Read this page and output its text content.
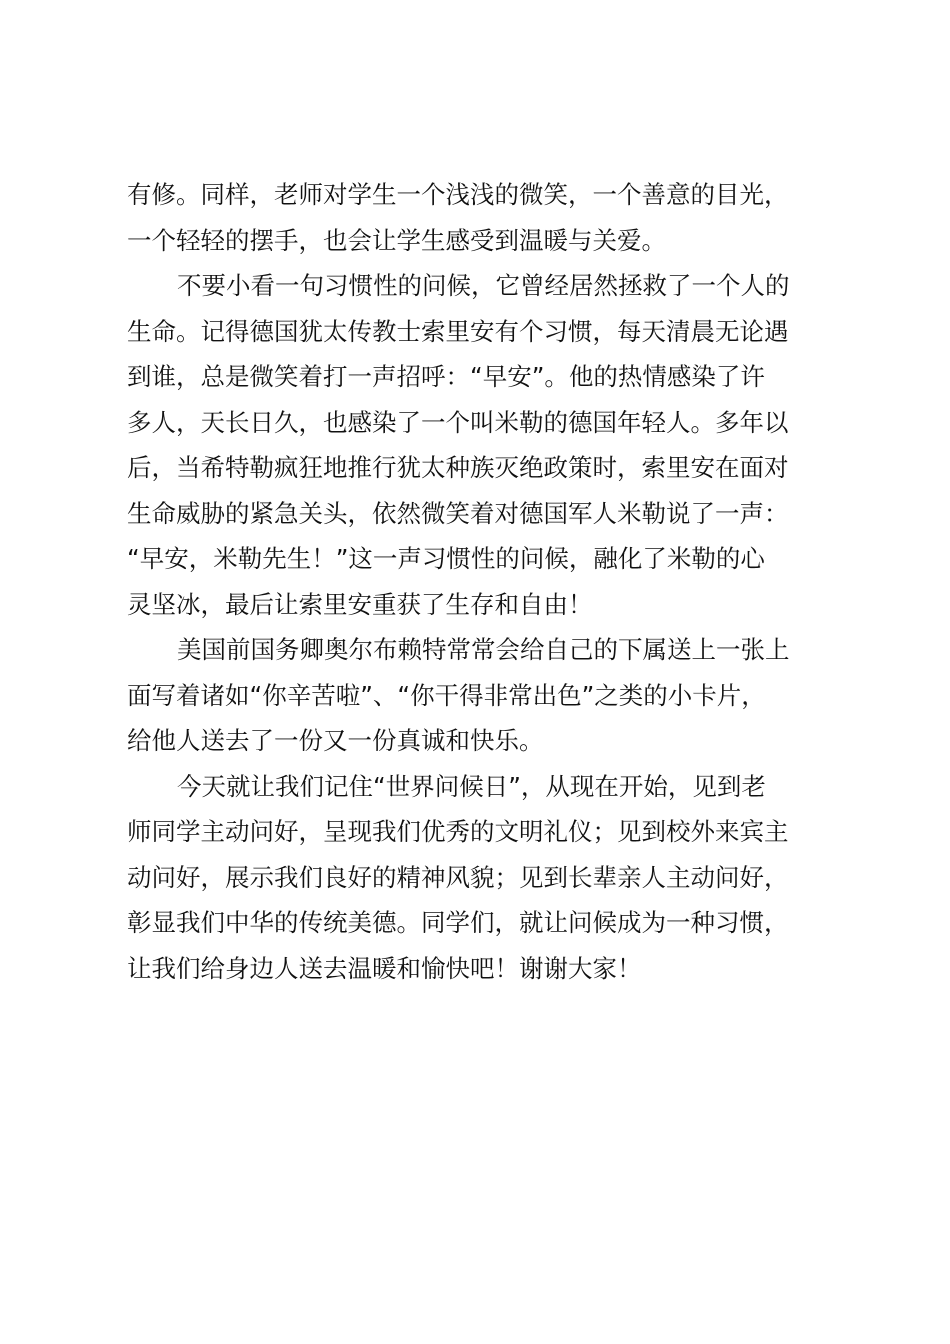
有修。同样，老师对学生一个浅浅的微笑，一个善意的目光，
一个轻轻的摆手，也会让学生感受到温暖与关爱。
不要小看一句习惯性的问候，它曾经居然拯救了一个人的
生命。记得德国犹太传教士索里安有个习惯，每天清晨无论遇
到谁，总是微笑着打一声招呼：“早安”。他的热情感染了许
多人，天长日久，也感染了一个叫米勒的德国年轻人。多年以
后，当希特勒疯狂地推行犹太种族灭绝政策时，索里安在面对
生命威胁的紧急关头，依然微笑着对德国军人米勒说了一声：
“早安，米勒先生！”这一声习惯性的问候，融化了米勒的心
灵坚冰，最后让索里安重获了生存和自由！
美国前国务卿奥尔布赖特常常会给自己的下属送上一张上
面写着诸如“你辛苦啦”、“你干得非常出色”之类的小卡片，
给他人送去了一份又一份真诚和快乐。
今天就让我们记住“世界问候日”，从现在开始，见到老
师同学主动问好，呈现我们优秀的文明礼仪；见到校外来宾主
动问好，展示我们良好的精神风貌；见到长辈亲人主动问好，
彰显我们中华的传统美德。同学们，就让问候成为一种习惯，
让我们给身边人送去温暖和愉快吧！谢谢大家！
